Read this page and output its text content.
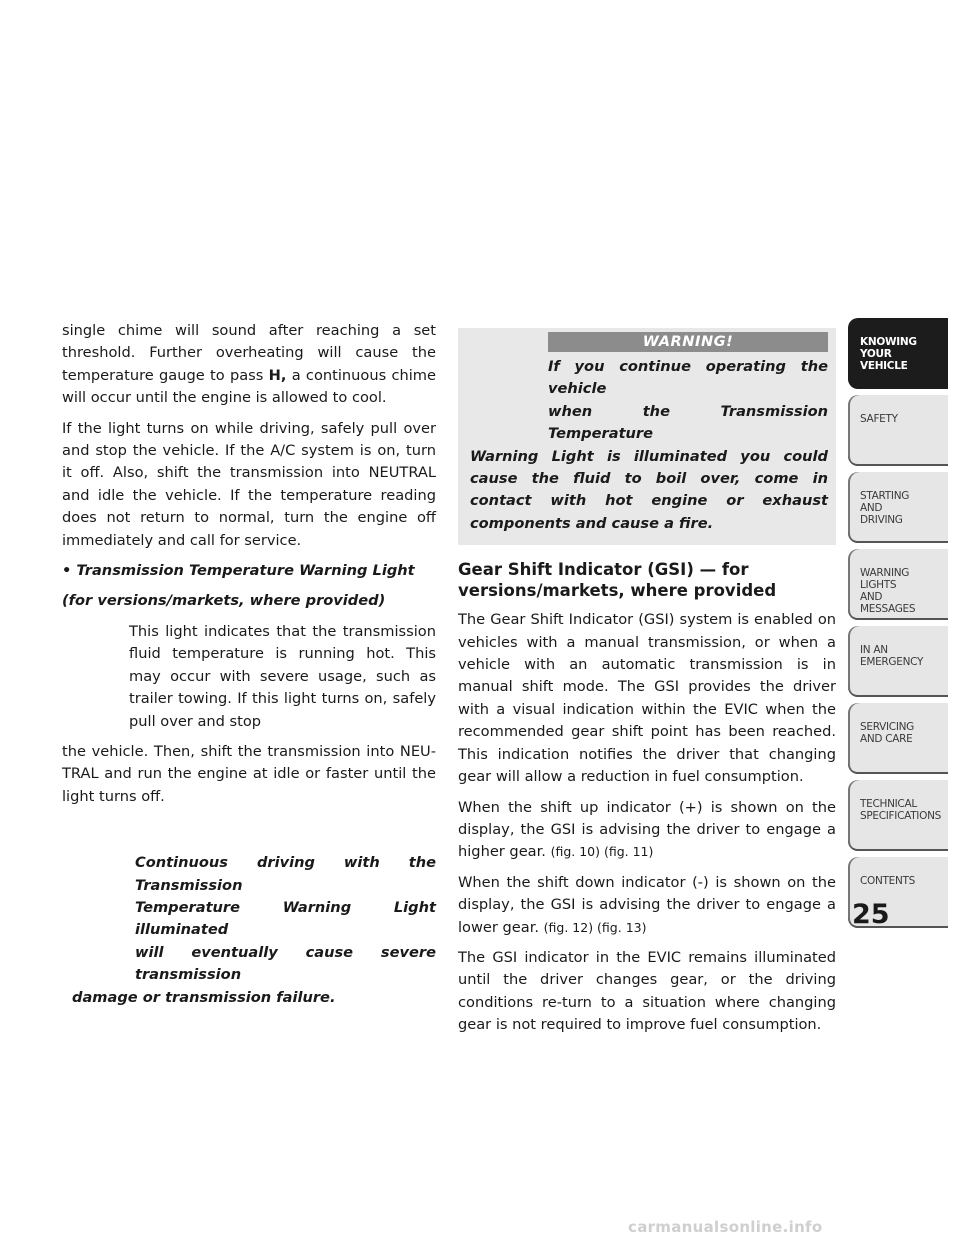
single chime will sound after reaching a set threshold. Further overheating will cause the temperature gauge to pass H, a continuous chime will occur until the engine is allowed to cool.

If the light turns on while driving, safely pull over and stop the vehicle. If the A/C system is on, turn it off. Also, shift the transmission into NEUTRAL and idle the vehicle. If the temperature reading does not return to normal, turn the engine off immediately and call for service.

• Transmission Temperature Warning Light

(for versions/markets, where provided)

This light indicates that the transmission fluid temperature is running hot. This may occur with severe usage, such as trailer towing. If this light turns on, safely pull over and stop

the vehicle. Then, shift the transmission into NEU-TRAL and run the engine at idle or faster until the light turns off.

Continuous driving with the Transmission
Temperature Warning Light illuminated
will eventually cause severe transmission
damage or transmission failure.
WARNING!
If you continue operating the vehicle
when the Transmission Temperature
Warning Light is illuminated you could cause the fluid to boil over, come in contact with hot engine or exhaust components and cause a fire.
Gear Shift Indicator (GSI) — for versions/markets, where provided

The Gear Shift Indicator (GSI) system is enabled on vehicles with a manual transmission, or when a vehicle with an automatic transmission is in manual shift mode. The GSI provides the driver with a visual indication within the EVIC when the recommended gear shift point has been reached. This indication notifies the driver that changing gear will allow a reduction in fuel consumption.

When the shift up indicator (+) is shown on the display, the GSI is advising the driver to engage a higher gear. (fig. 10) (fig. 11)

When the shift down indicator (-) is shown on the display, the GSI is advising the driver to engage a lower gear. (fig. 12) (fig. 13)

The GSI indicator in the EVIC remains illuminated until the driver changes gear, or the driving conditions re-turn to a situation where changing gear is not required to improve fuel consumption.

KNOWING
YOUR
VEHICLE
SAFETY
STARTING
AND
DRIVING
WARNING
LIGHTS
AND
MESSAGES
IN AN
EMERGENCY
SERVICING
AND CARE
TECHNICAL
SPECIFICATIONS
CONTENTS
25
carmanualsonline.info
